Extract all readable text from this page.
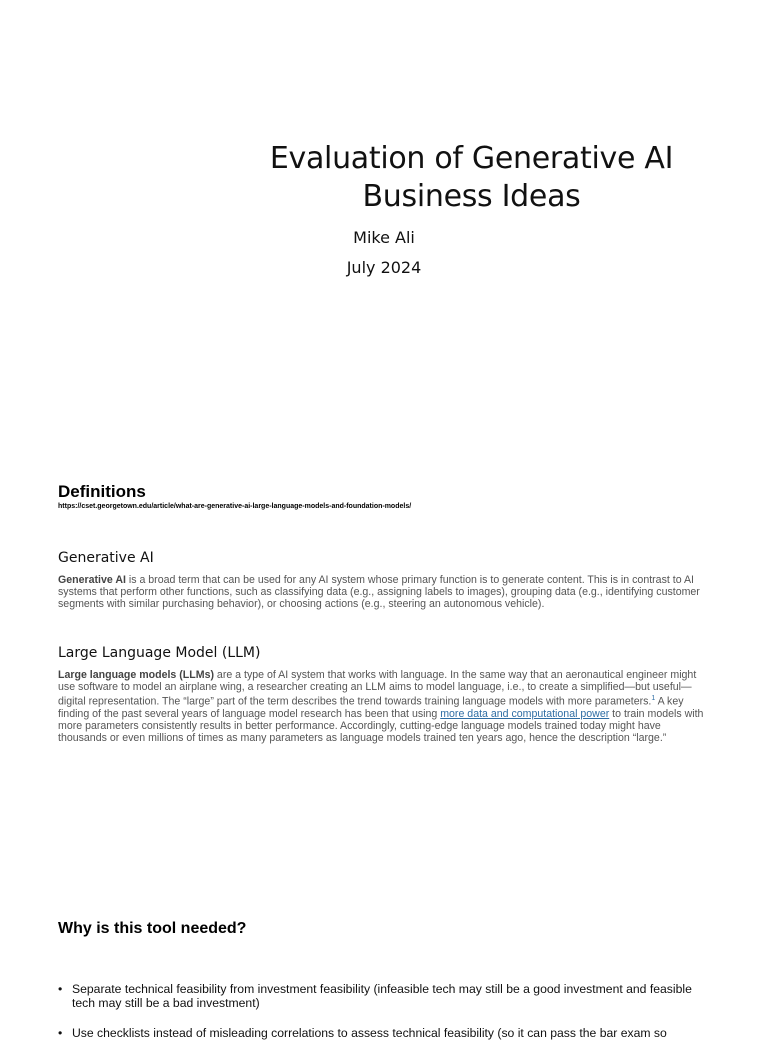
Evaluation of Generative AI
Business Ideas
Mike Ali
July 2024
Definitions
https://cset.georgetown.edu/article/what-are-generative-ai-large-language-models-and-foundation-models/
Generative AI
Generative AI is a broad term that can be used for any AI system whose primary function is to generate content. This is in contrast to AI systems that perform other functions, such as classifying data (e.g., assigning labels to images), grouping data (e.g., identifying customer segments with similar purchasing behavior), or choosing actions (e.g., steering an autonomous vehicle).
Large Language Model (LLM)
Large language models (LLMs) are a type of AI system that works with language. In the same way that an aeronautical engineer might use software to model an airplane wing, a researcher creating an LLM aims to model language, i.e., to create a simplified—but useful—digital representation. The “large” part of the term describes the trend towards training language models with more parameters.$^1$ A key finding of the past several years of language model research has been that using more data and computational power to train models with more parameters consistently results in better performance. Accordingly, cutting-edge language models trained today might have thousands or even millions of times as many parameters as language models trained ten years ago, hence the description “large.”
Why is this tool needed?
• Separate technical feasibility from investment feasibility (infeasible tech may still be a good investment and feasible tech may still be a bad investment)
• Use checklists instead of misleading correlations to assess technical feasibility (so it can pass the bar exam so
